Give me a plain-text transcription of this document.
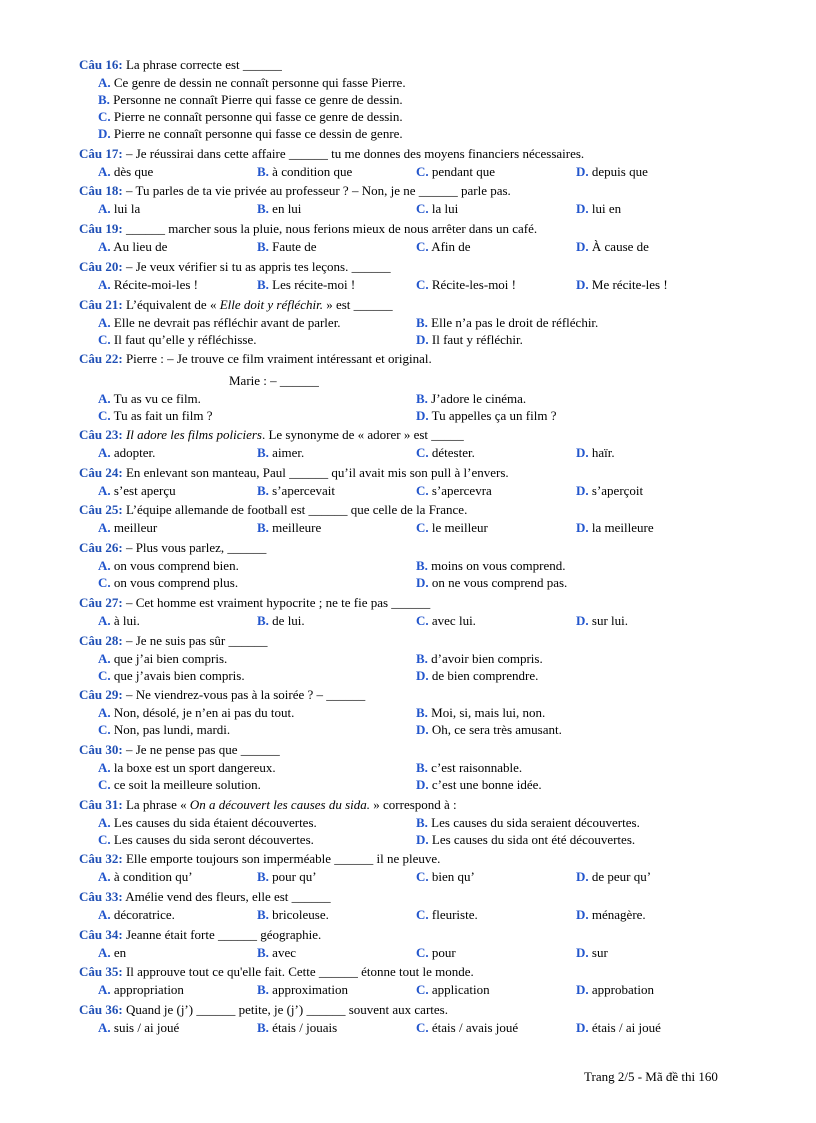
Câu 16: La phrase correcte est ______
A. Ce genre de dessin ne connaît personne qui fasse Pierre.
B. Personne ne connaît Pierre qui fasse ce genre de dessin.
C. Pierre ne connaît personne qui fasse ce genre de dessin.
D. Pierre ne connaît personne qui fasse ce dessin de genre.
Câu 17: – Je réussirai dans cette affaire ______ tu me donnes des moyens financiers nécessaires.
A. dès que	B. à condition que	C. pendant que	D. depuis que
Câu 18: – Tu parles de ta vie privée au professeur ? – Non, je ne ______ parle pas.
A. lui la	B. en lui	C. la lui	D. lui en
Câu 19: ______ marcher sous la pluie, nous ferions mieux de nous arrêter dans un café.
A. Au lieu de	B. Faute de	C. Afin de	D. À cause de
Câu 20: – Je veux vérifier si tu as appris tes leçons. ______
A. Récite-moi-les !	B. Les récite-moi !	C. Récite-les-moi !	D. Me récite-les !
Câu 21: L’équivalent de « Elle doit y réfléchir. » est ______
A. Elle ne devrait pas réfléchir avant de parler.	B. Elle n’a pas le droit de réfléchir.
C. Il faut qu’elle y réfléchisse.	D. Il faut y réfléchir.
Câu 22: Pierre : – Je trouve ce film vraiment intéressant et original.
Marie : – ______
A. Tu as vu ce film.	B. J’adore le cinéma.
C. Tu as fait un film ?	D. Tu appelles ça un film ?
Câu 23: Il adore les films policiers. Le synonyme de « adorer » est _____
A. adopter.	B. aimer.	C. détester.	D. haïr.
Câu 24: En enlevant son manteau, Paul ______ qu’il avait mis son pull à l’envers.
A. s’est aperçu	B. s’apercevait	C. s’apercevra	D. s’aperçoit
Câu 25: L’équipe allemande de football est ______ que celle de la France.
A. meilleur	B. meilleure	C. le meilleur	D. la meilleure
Câu 26: – Plus vous parlez, ______
A. on vous comprend bien.	B. moins on vous comprend.
C. on vous comprend plus.	D. on ne vous comprend pas.
Câu 27: – Cet homme est vraiment hypocrite ; ne te fie pas ______
A. à lui.	B. de lui.	C. avec lui.	D. sur lui.
Câu 28: – Je ne suis pas sûr ______
A. que j’ai bien compris.	B. d’avoir bien compris.
C. que j’avais bien compris.	D. de bien comprendre.
Câu 29: – Ne viendrez-vous pas à la soirée ? – ______
A. Non, désolé, je n’en ai pas du tout.	B. Moi, si, mais lui, non.
C. Non, pas lundi, mardi.	D. Oh, ce sera très amusant.
Câu 30: – Je ne pense pas que ______
A. la boxe est un sport dangereux.	B. c’est raisonnable.
C. ce soit la meilleure solution.	D. c’est une bonne idée.
Câu 31: La phrase « On a découvert les causes du sida. » correspond à :
A. Les causes du sida étaient découvertes.	B. Les causes du sida seraient découvertes.
C. Les causes du sida seront découvertes.	D. Les causes du sida ont été découvertes.
Câu 32: Elle emporte toujours son imperméable ______ il ne pleuve.
A. à condition qu’	B. pour qu’	C. bien qu’	D. de peur qu’
Câu 33: Amélie vend des fleurs, elle est ______
A. décoratrice.	B. bricoleuse.	C. fleuriste.	D. ménagère.
Câu 34: Jeanne était forte ______ géographie.
A. en	B. avec	C. pour	D. sur
Câu 35: Il approuve tout ce qu'elle fait. Cette ______ étonne tout le monde.
A. appropriation	B. approximation	C. application	D. approbation
Câu 36: Quand je (j’) ______ petite, je (j’) ______ souvent aux cartes.
A. suis / ai joué	B. étais / jouais	C. étais / avais joué	D. étais / ai joué
Trang 2/5 - Mã đề thi 160
